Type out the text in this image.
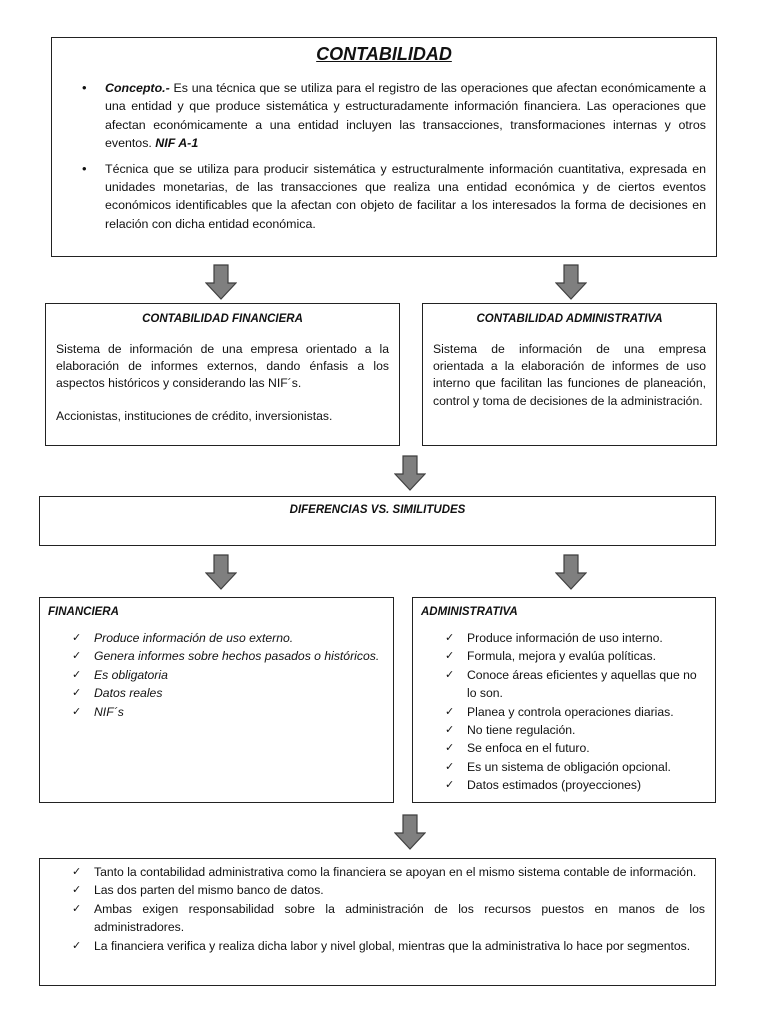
CONTABILIDAD
• Concepto.- Es una técnica que se utiliza para el registro de las operaciones que afectan económicamente a una entidad y que produce sistemática y estructuradamente información financiera. Las operaciones que afectan económicamente a una entidad incluyen las transacciones, transformaciones internas y otros eventos. NIF A-1
• Técnica que se utiliza para producir sistemática y estructuralmente información cuantitativa, expresada en unidades monetarias, de las transacciones que realiza una entidad económica y de ciertos eventos económicos identificables que la afectan con objeto de facilitar a los interesados la forma de decisiones en relación con dicha entidad económica.
CONTABILIDAD FINANCIERA

Sistema de información de una empresa orientado a la elaboración de informes externos, dando énfasis a los aspectos históricos y considerando las NIF´s.

Accionistas, instituciones de crédito, inversionistas.

CONTABILIDAD ADMINISTRATIVA

Sistema de información de una empresa orientada a la elaboración de informes de uso interno que facilitan las funciones de planeación, control y toma de decisiones de la administración.

DIFERENCIAS VS. SIMILITUDES
FINANCIERA
✓ Produce información de uso externo.
✓ Genera informes sobre hechos pasados o históricos.
✓ Es obligatoria
✓ Datos reales
✓ NIF´s
ADMINISTRATIVA
✓ Produce información de uso interno.
✓ Formula, mejora y evalúa políticas.
✓ Conoce áreas eficientes y aquellas que no lo son.
✓ Planea y controla operaciones diarias.
✓ No tiene regulación.
✓ Se enfoca en el futuro.
✓ Es un sistema de obligación opcional.
✓ Datos estimados (proyecciones)
✓ Tanto la contabilidad administrativa como la financiera se apoyan en el mismo sistema contable de información.
✓ Las dos parten del mismo banco de datos.
✓ Ambas exigen responsabilidad sobre la administración de los recursos puestos en manos de los administradores.
✓ La financiera verifica y realiza dicha labor y nivel global, mientras que la administrativa lo hace por segmentos.
